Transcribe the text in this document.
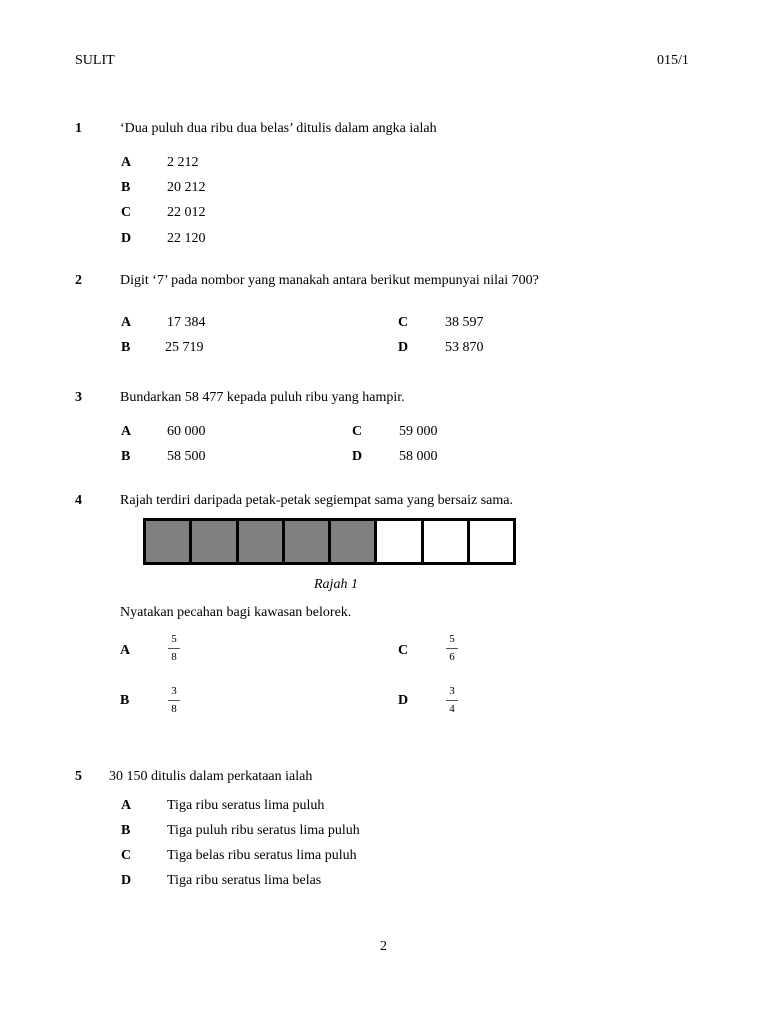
SULIT	015/1
1	‘Dua puluh dua ribu dua belas’ ditulis dalam angka ialah
A	2 212
B	20 212
C	22 012
D	22 120
2	Digit ‘7’ pada nombor yang manakah antara berikut mempunyai nilai 700?
A	17 384
B 25 719
C	38 597
D	53 870
3	Bundarkan 58 477 kepada puluh ribu yang hampir.
A	60 000
B	58 500
C	59 000
D	58 000
4	Rajah terdiri daripada petak-petak segiempat sama yang bersaiz sama.
Rajah 1
Nyatakan pecahan bagi kawasan belorek.
A
5
8
B
3
8
C
5
6
D
3
4
5 30 150 ditulis dalam perkataan ialah
A	Tiga ribu seratus lima puluh
B	Tiga puluh ribu seratus lima puluh
C	Tiga belas ribu seratus lima puluh
D	Tiga ribu seratus lima belas
2
